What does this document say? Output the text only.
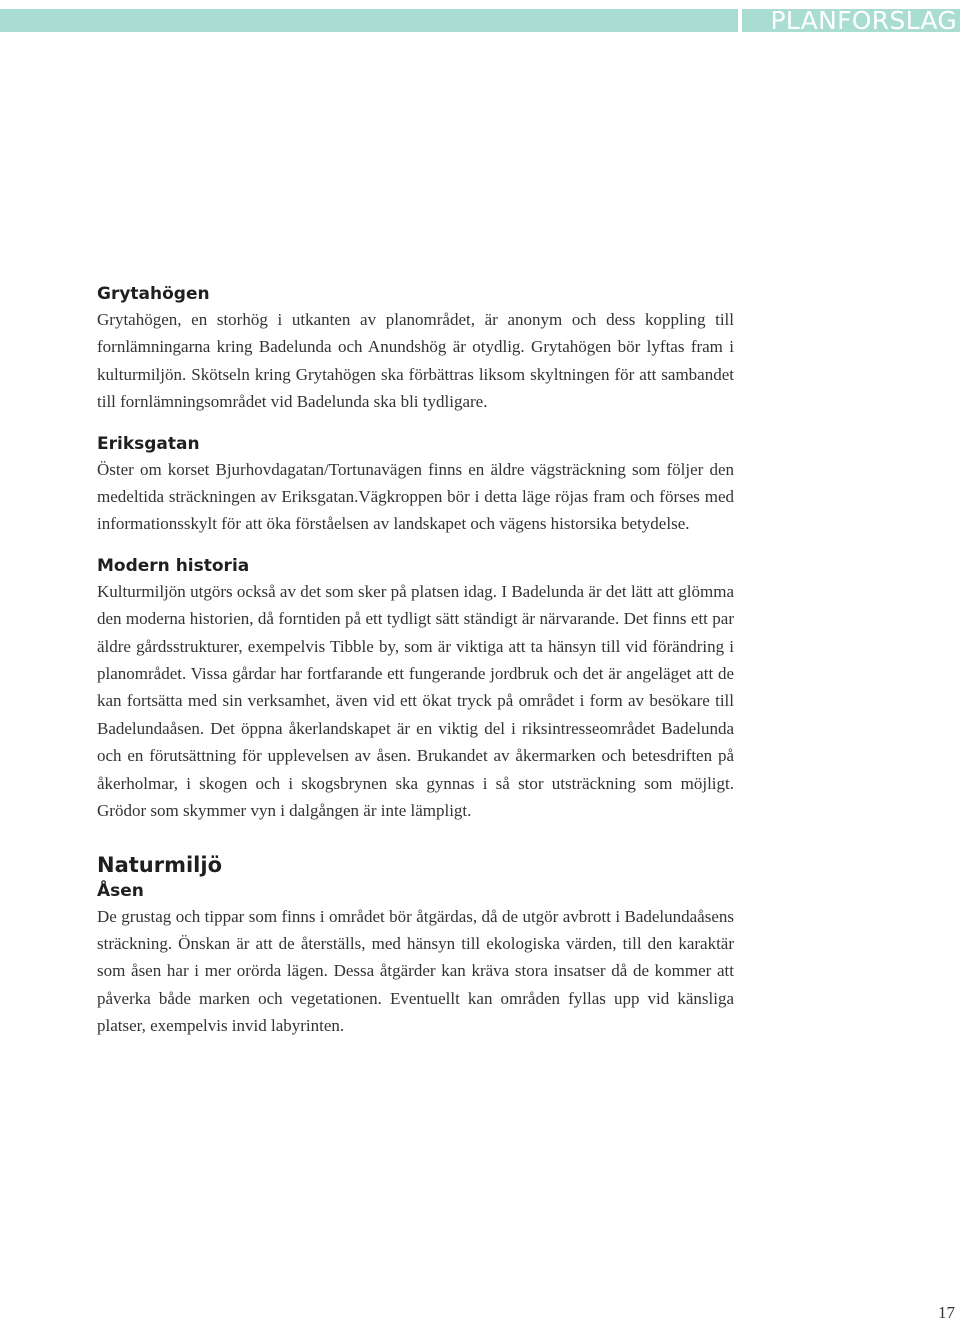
PLANFÖRSLAG
Grytahögen

Grytahögen, en storhög i utkanten av planområdet, är anonym och dess koppling till fornlämningarna kring Badelunda och Anundshög är otydlig. Grytahögen bör lyftas fram i kulturmiljön. Skötseln kring Grytahögen ska förbättras liksom skyltningen för att sambandet till fornlämningsområdet vid Badelunda ska bli tydligare.

Eriksgatan

Öster om korset Bjurhovdagatan/Tortunavägen finns en äldre vägsträckning som följer den medeltida sträckningen av Eriksgatan.Vägkroppen bör i detta läge röjas fram och förses med informationsskylt för att öka förståelsen av landskapet och vägens historsika betydelse.

Modern historia

Kulturmiljön utgörs också av det som sker på platsen idag. I Badelunda är det lätt att glömma den moderna historien, då forntiden på ett tydligt sätt ständigt är närvarande. Det finns ett par äldre gårdsstrukturer, exempelvis Tibble by, som är viktiga att ta hänsyn till vid förändring i planområdet. Vissa gårdar har fortfarande ett fungerande jordbruk och det är angeläget att de kan fortsätta med sin verksamhet, även vid ett ökat tryck på området i form av besökare till Badelundaåsen. Det öppna åkerlandskapet är en viktig del i riksintresseområdet Badelunda och en förutsättning för upplevelsen av åsen. Brukandet av åkermarken och betesdriften på åkerholmar, i skogen och i skogsbrynen ska gynnas i så stor utsträckning som möjligt. Grödor som skymmer vyn i dalgången är inte lämpligt.

Naturmiljö
Åsen

De grustag och tippar som finns i området bör åtgärdas, då de utgör avbrott i Badelundaåsens sträckning. Önskan är att de återställs, med hänsyn till ekologiska värden, till den karaktär som åsen har i mer orörda lägen. Dessa åtgärder kan kräva stora insatser då de kommer att påverka både marken och vegetationen. Eventuellt kan områden fyllas upp vid känsliga platser, exempelvis invid labyrinten.

17
